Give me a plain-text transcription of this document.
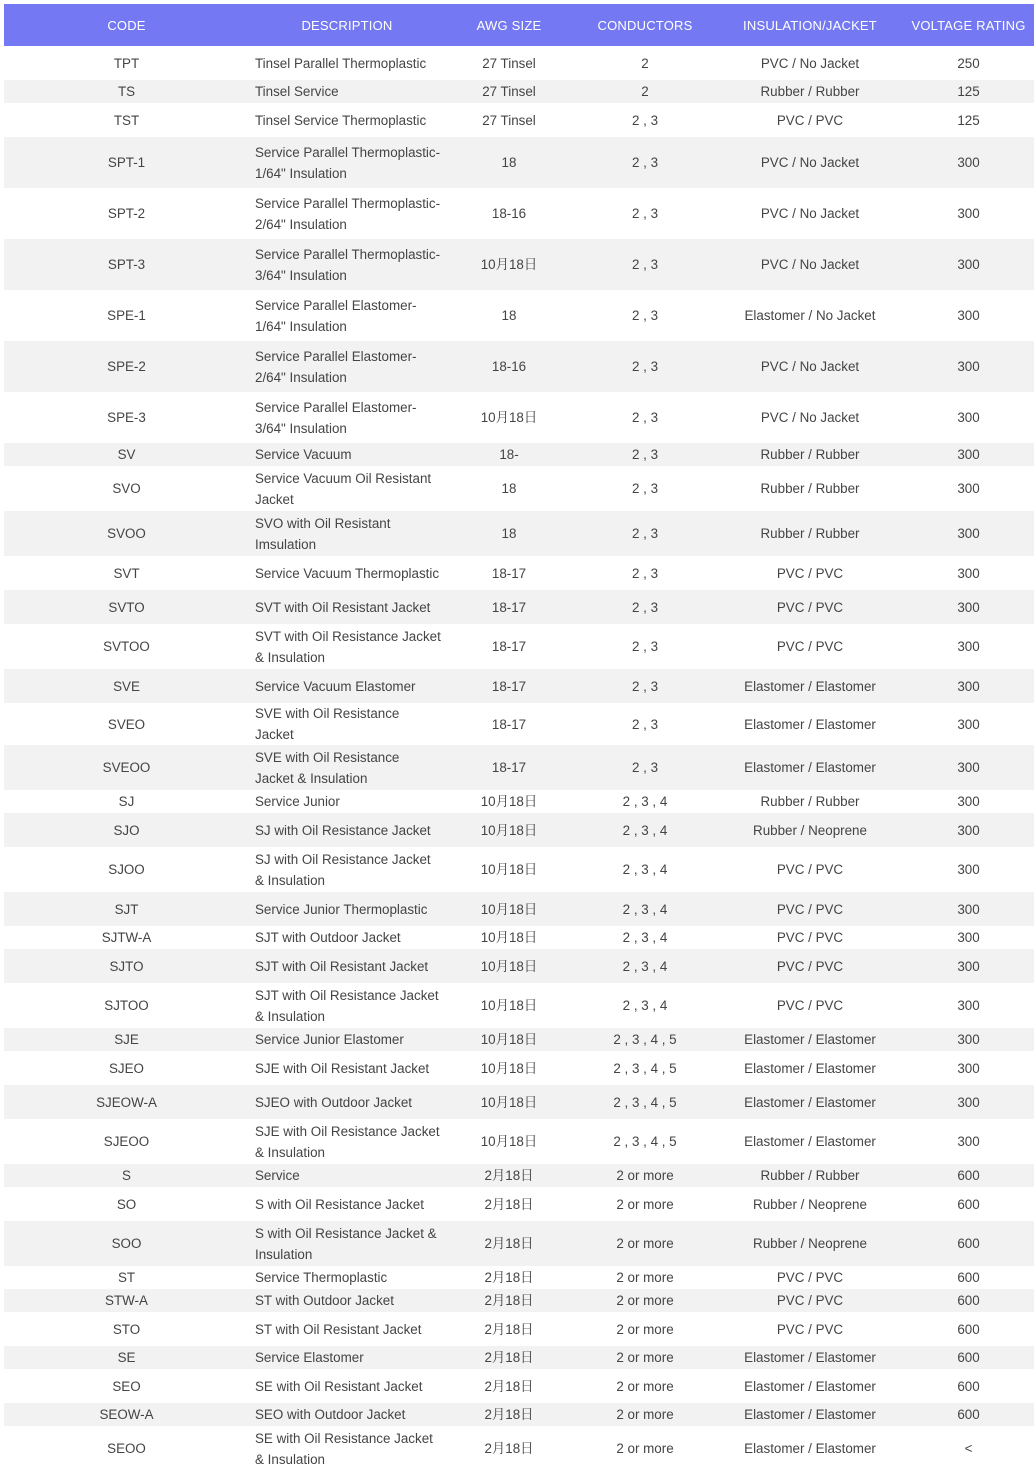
CODE	DESCRIPTION	AWG SIZE	CONDUCTORS	INSULATION/JACKET	VOLTAGE RATING
TPT	Tinsel Parallel Thermoplastic	27 Tinsel	2	PVC / No Jacket	250
TS	Tinsel Service	27 Tinsel	2	Rubber / Rubber	125
TST	Tinsel Service Thermoplastic	27 Tinsel	2 , 3	PVC / PVC	125
SPT-1	Service Parallel Thermoplastic-1/64" Insulation	18	2 , 3	PVC / No Jacket	300
SPT-2	Service Parallel Thermoplastic-2/64" Insulation	18-16	2 , 3	PVC / No Jacket	300
SPT-3	Service Parallel Thermoplastic-3/64" Insulation	10月18日	2 , 3	PVC / No Jacket	300
SPE-1	Service Parallel Elastomer-1/64" Insulation	18	2 , 3	Elastomer / No Jacket	300
SPE-2	Service Parallel Elastomer-2/64" Insulation	18-16	2 , 3	PVC / No Jacket	300
SPE-3	Service Parallel Elastomer-3/64" Insulation	10月18日	2 , 3	PVC / No Jacket	300
SV	Service Vacuum	18-	2 , 3	Rubber / Rubber	300
SVO	Service Vacuum Oil Resistant Jacket	18	2 , 3	Rubber / Rubber	300
SVOO	SVO with Oil Resistant Imsulation	18	2 , 3	Rubber / Rubber	300
SVT	Service Vacuum Thermoplastic	18-17	2 , 3	PVC / PVC	300
SVTO	SVT with Oil Resistant Jacket	18-17	2 , 3	PVC / PVC	300
SVTOO	SVT with Oil Resistance Jacket & Insulation	18-17	2 , 3	PVC / PVC	300
SVE	Service Vacuum Elastomer	18-17	2 , 3	Elastomer / Elastomer	300
SVEO	SVE with Oil Resistance Jacket	18-17	2 , 3	Elastomer / Elastomer	300
SVEOO	SVE with Oil Resistance Jacket & Insulation	18-17	2 , 3	Elastomer / Elastomer	300
SJ	Service Junior	10月18日	2 , 3 , 4	Rubber / Rubber	300
SJO	SJ with Oil Resistance Jacket	10月18日	2 , 3 , 4	Rubber / Neoprene	300
SJOO	SJ with Oil Resistance Jacket & Insulation	10月18日	2 , 3 , 4	PVC / PVC	300
SJT	Service Junior Thermoplastic	10月18日	2 , 3 , 4	PVC / PVC	300
SJTW-A	SJT with Outdoor Jacket	10月18日	2 , 3 , 4	PVC / PVC	300
SJTO	SJT with Oil Resistant Jacket	10月18日	2 , 3 , 4	PVC / PVC	300
SJTOO	SJT with Oil Resistance Jacket & Insulation	10月18日	2 , 3 , 4	PVC / PVC	300
SJE	Service Junior Elastomer	10月18日	2 , 3 , 4 , 5	Elastomer / Elastomer	300
SJEO	SJE with Oil Resistant Jacket	10月18日	2 , 3 , 4 , 5	Elastomer / Elastomer	300
SJEOW-A	SJEO with Outdoor Jacket	10月18日	2 , 3 , 4 , 5	Elastomer / Elastomer	300
SJEOO	SJE with Oil Resistance Jacket & Insulation	10月18日	2 , 3 , 4 , 5	Elastomer / Elastomer	300
S	Service	2月18日	2 or more	Rubber / Rubber	600
SO	S with Oil Resistance Jacket	2月18日	2 or more	Rubber / Neoprene	600
SOO	S with Oil Resistance Jacket & Insulation	2月18日	2 or more	Rubber / Neoprene	600
ST	Service Thermoplastic	2月18日	2 or more	PVC / PVC	600
STW-A	ST with Outdoor Jacket	2月18日	2 or more	PVC / PVC	600
STO	ST with Oil Resistant Jacket	2月18日	2 or more	PVC / PVC	600
SE	Service Elastomer	2月18日	2 or more	Elastomer / Elastomer	600
SEO	SE with Oil Resistant Jacket	2月18日	2 or more	Elastomer / Elastomer	600
SEOW-A	SEO with Outdoor Jacket	2月18日	2 or more	Elastomer / Elastomer	600
SEOO	SE with Oil Resistance Jacket & Insulation	2月18日	2 or more	Elastomer / Elastomer	<
